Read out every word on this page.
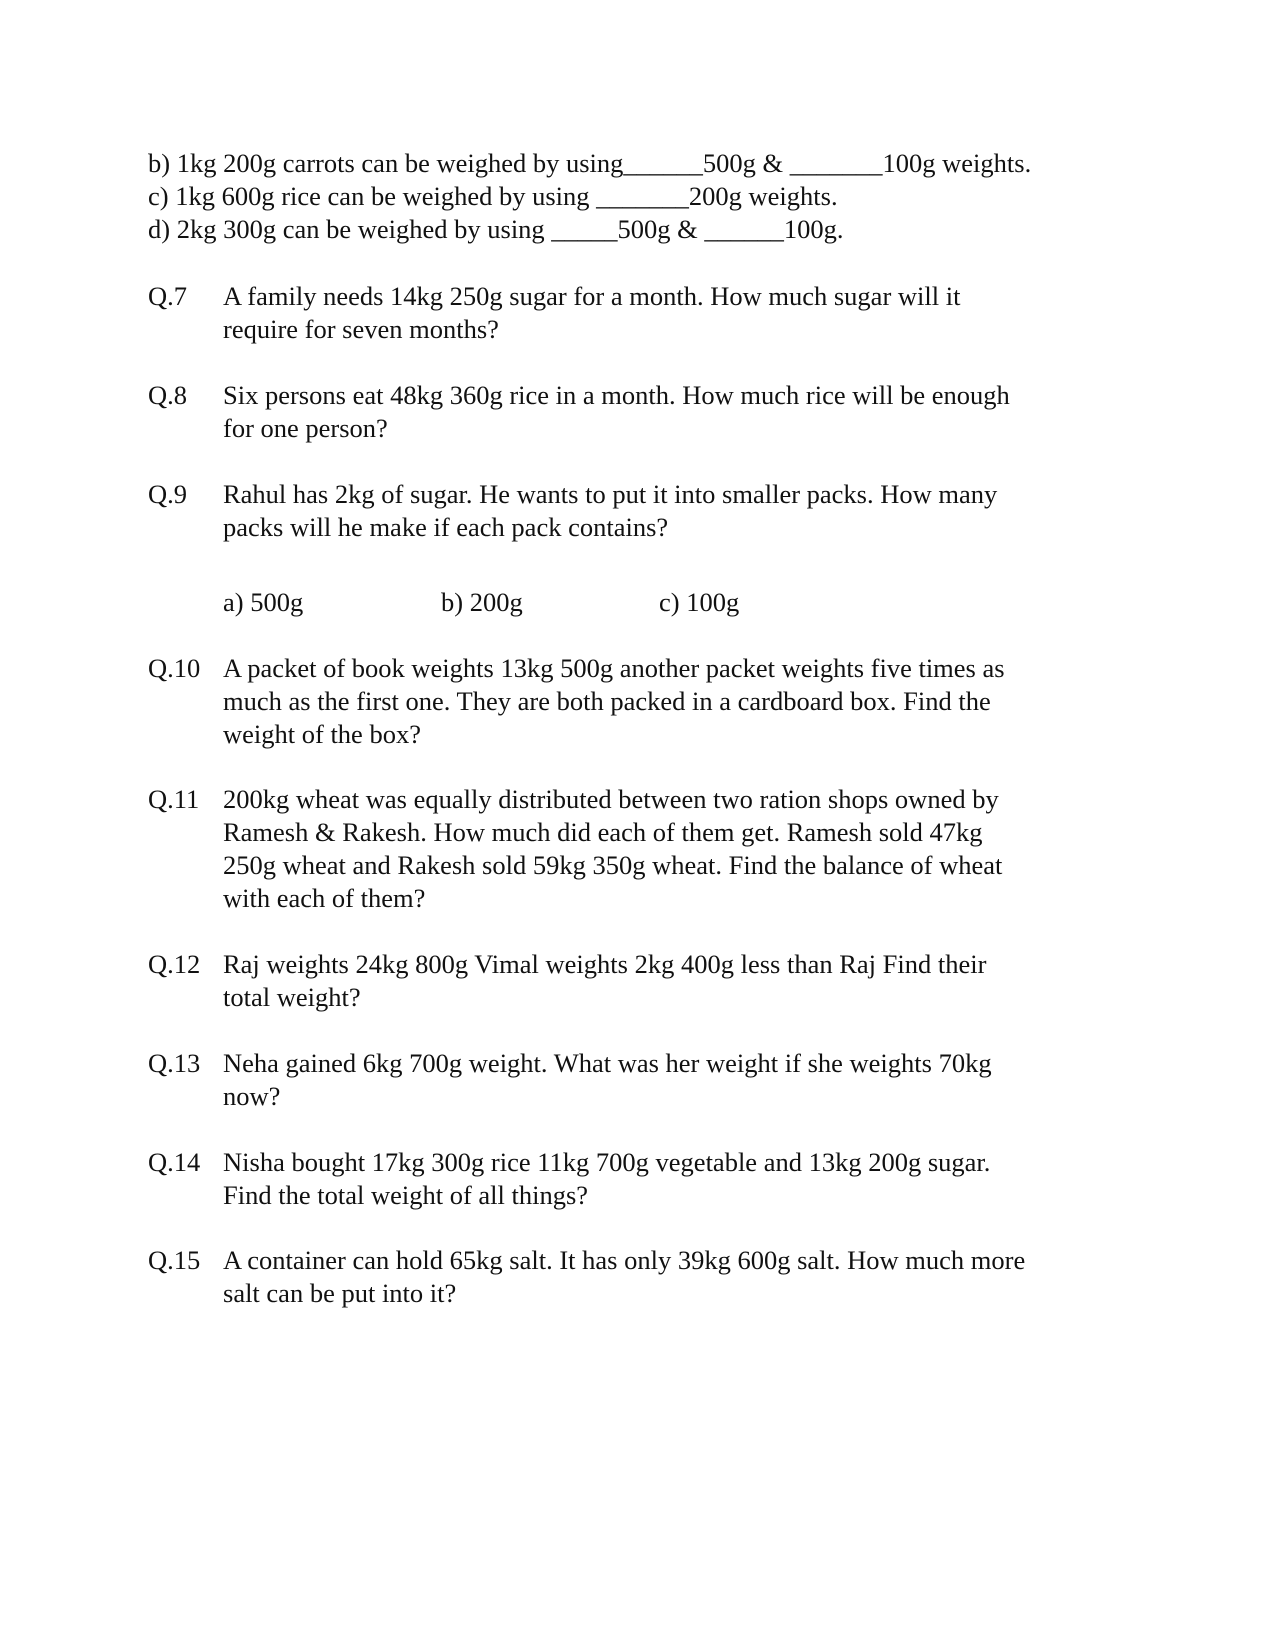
b) 1kg 200g carrots can be weighed by using______500g & _______100g weights.
c) 1kg 600g rice can be weighed by using _______200g weights.
d) 2kg 300g can be weighed by using _____500g & ______100g.
Q.7 A family needs 14kg 250g sugar for a month. How much sugar will it
require for seven months?
Q.8 Six persons eat 48kg 360g rice in a month. How much rice will be enough
for one person?
Q.9 Rahul has 2kg of sugar. He wants to put it into smaller packs. How many
packs will he make if each pack contains?
a) 500g	b) 200g	c) 100g
Q.10 A packet of book weights 13kg 500g another packet weights five times as
much as the first one. They are both packed in a cardboard box. Find the
weight of the box?
Q.11 200kg wheat was equally distributed between two ration shops owned by
Ramesh & Rakesh. How much did each of them get. Ramesh sold 47kg
250g wheat and Rakesh sold 59kg 350g wheat. Find the balance of wheat
with each of them?
Q.12 Raj weights 24kg 800g Vimal weights 2kg 400g less than Raj Find their
total weight?
Q.13 Neha gained 6kg 700g weight. What was her weight if she weights 70kg
now?
Q.14 Nisha bought 17kg 300g rice 11kg 700g vegetable and 13kg 200g sugar.
Find the total weight of all things?
Q.15 A container can hold 65kg salt. It has only 39kg 600g salt. How much more
salt can be put into it?
